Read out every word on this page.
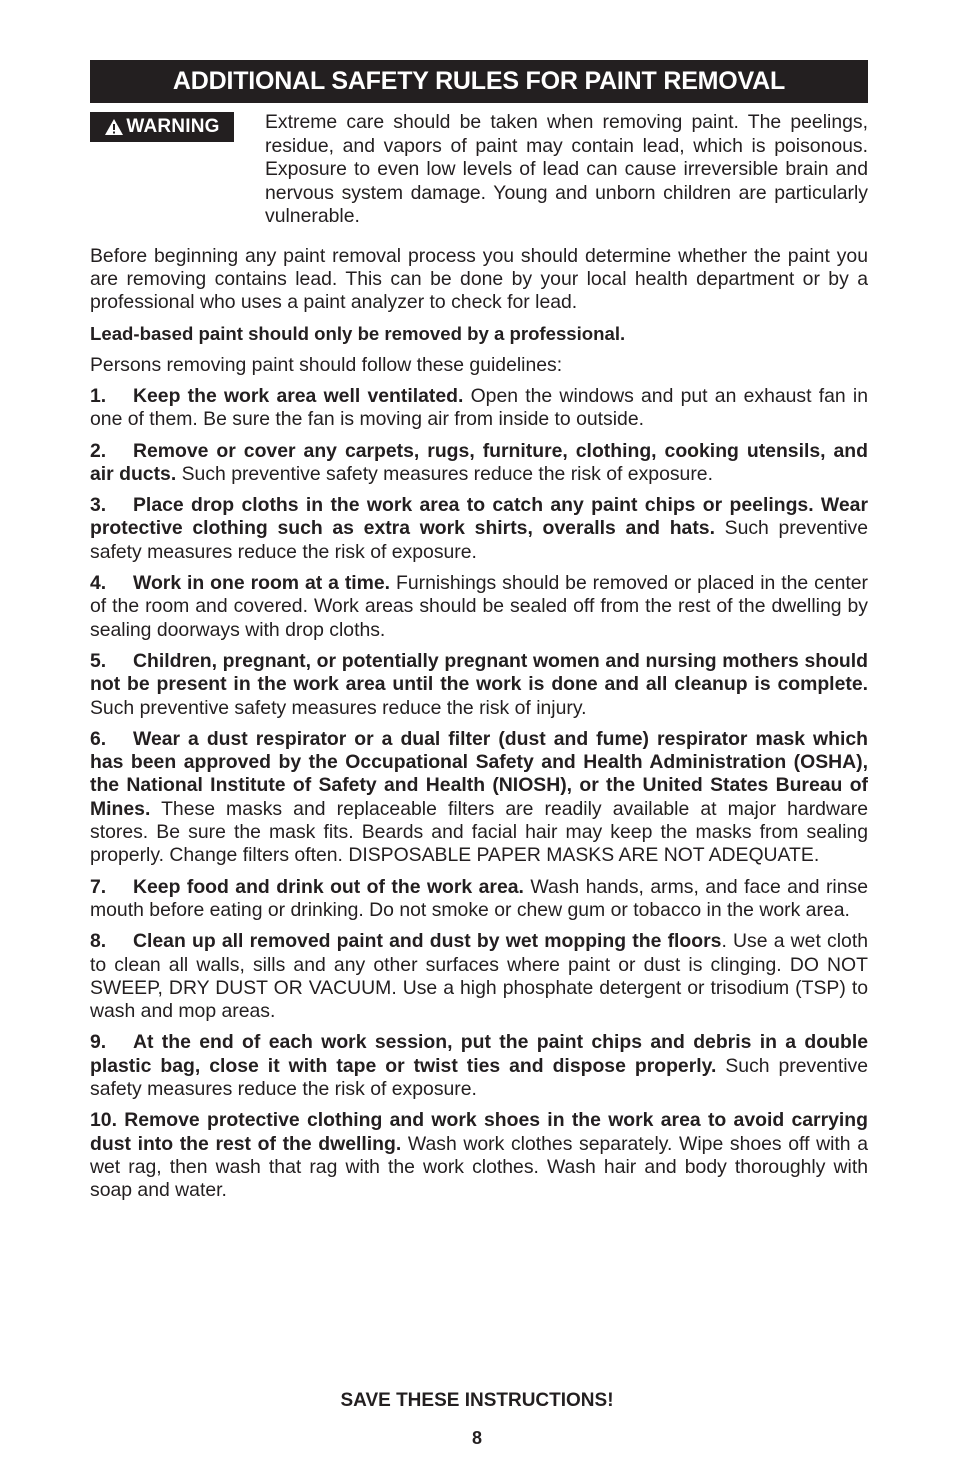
ADDITIONAL SAFETY RULES FOR PAINT REMOVAL
WARNING Extreme care should be taken when removing paint. The peelings, residue, and vapors of paint may contain lead, which is poisonous. Exposure to even low levels of lead can cause irreversible brain and nervous system damage. Young and unborn children are particularly vulnerable.

Before beginning any paint removal process you should determine whether the paint you are removing contains lead. This can be done by your local health department or by a professional who uses a paint analyzer to check for lead.

Lead-based paint should only be removed by a professional.

Persons removing paint should follow these guidelines:

1. Keep the work area well ventilated. Open the windows and put an exhaust fan in one of them. Be sure the fan is moving air from inside to outside.

2. Remove or cover any carpets, rugs, furniture, clothing, cooking utensils, and air ducts. Such preventive safety measures reduce the risk of exposure.

3. Place drop cloths in the work area to catch any paint chips or peelings. Wear protective clothing such as extra work shirts, overalls and hats. Such preventive safety measures reduce the risk of exposure.

4. Work in one room at a time. Furnishings should be removed or placed in the center of the room and covered. Work areas should be sealed off from the rest of the dwelling by sealing doorways with drop cloths.

5. Children, pregnant, or potentially pregnant women and nursing mothers should not be present in the work area until the work is done and all cleanup is complete. Such preventive safety measures reduce the risk of injury.

6. Wear a dust respirator or a dual filter (dust and fume) respirator mask which has been approved by the Occupational Safety and Health Administration (OSHA), the National Institute of Safety and Health (NIOSH), or the United States Bureau of Mines. These masks and replaceable filters are readily available at major hardware stores. Be sure the mask fits. Beards and facial hair may keep the masks from sealing properly. Change filters often. DISPOSABLE PAPER MASKS ARE NOT ADEQUATE.

7. Keep food and drink out of the work area. Wash hands, arms, and face and rinse mouth before eating or drinking. Do not smoke or chew gum or tobacco in the work area.

8. Clean up all removed paint and dust by wet mopping the floors. Use a wet cloth to clean all walls, sills and any other surfaces where paint or dust is clinging. DO NOT SWEEP, DRY DUST OR VACUUM. Use a high phosphate detergent or trisodium (TSP) to wash and mop areas.

9. At the end of each work session, put the paint chips and debris in a double plastic bag, close it with tape or twist ties and dispose properly. Such preventive safety measures reduce the risk of exposure.

10. Remove protective clothing and work shoes in the work area to avoid carrying dust into the rest of the dwelling. Wash work clothes separately. Wipe shoes off with a wet rag, then wash that rag with the work clothes. Wash hair and body thoroughly with soap and water.

SAVE THESE INSTRUCTIONS!
8
